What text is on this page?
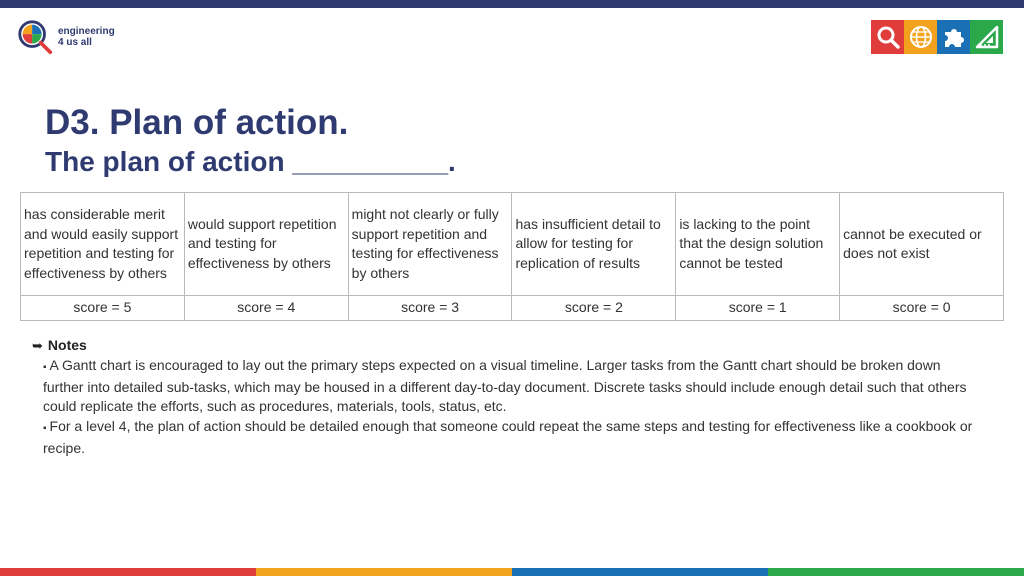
engineering
4 us all
D3. Plan of action.
The plan of action __________.
has considerable merit and would easily support repetition and testing for effectiveness by others	would support repetition and testing for effectiveness by others	might not clearly or fully support repetition and testing for effectiveness by others	has insufficient detail to allow for testing for replication of results	is lacking to the point that the design solution cannot be tested	cannot be executed or does not exist
score = 5	score = 4	score = 3	score = 2	score = 1	score = 0
➥ Notes
▪ A Gantt chart is encouraged to lay out the primary steps expected on a visual timeline. Larger tasks from the Gantt chart should be broken down further into detailed sub-tasks, which may be housed in a different day-to-day document. Discrete tasks should include enough detail such that others could replicate the efforts, such as procedures, materials, tools, status, etc.
▪ For a level 4, the plan of action should be detailed enough that someone could repeat the same steps and testing for effectiveness like a cookbook or recipe.
